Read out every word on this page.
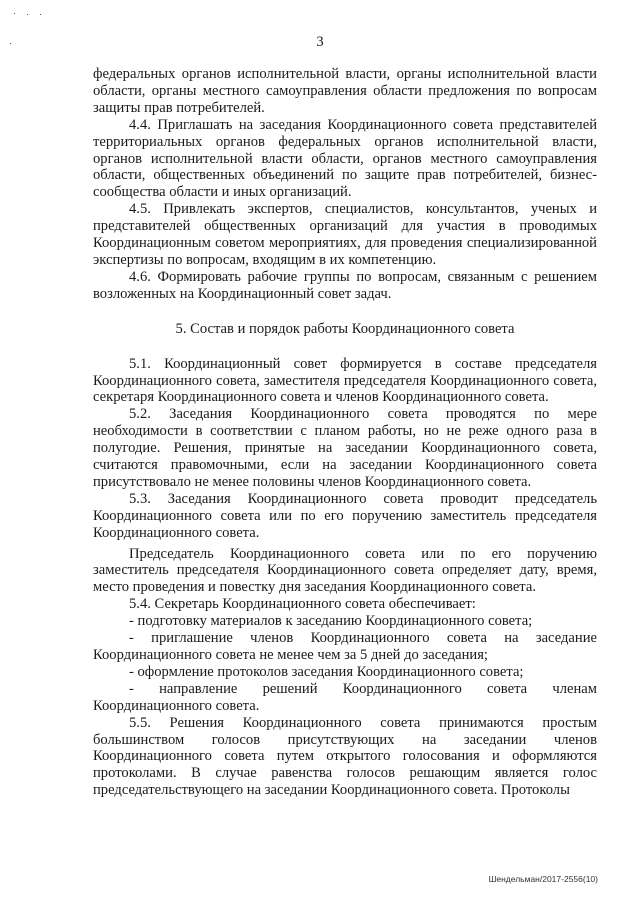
3

федеральных органов исполнительной власти, органы исполнительной власти области, органы местного самоуправления области предложения по вопросам защиты прав потребителей.

4.4. Приглашать на заседания Координационного совета представителей территориальных органов федеральных органов исполнительной власти, органов исполнительной власти области, органов местного самоуправления области, общественных объединений по защите прав потребителей, бизнес-сообщества области и иных организаций.

4.5. Привлекать экспертов, специалистов, консультантов, ученых и представителей общественных организаций для участия в проводимых Координационным советом мероприятиях, для проведения специализированной экспертизы по вопросам, входящим в их компетенцию.

4.6. Формировать рабочие группы по вопросам, связанным с решением возложенных на Координационный совет задач.

5. Состав и порядок работы Координационного совета

5.1. Координационный совет формируется в составе председателя Координационного совета, заместителя председателя Координационного совета, секретаря Координационного совета и членов Координационного совета.

5.2. Заседания Координационного совета проводятся по мере необходимости в соответствии с планом работы, но не реже одного раза в полугодие. Решения, принятые на заседании Координационного совета, считаются правомочными, если на заседании Координационного совета присутствовало не менее половины членов Координационного совета.

5.3. Заседания Координационного совета проводит председатель Координационного совета или по его поручению заместитель председателя Координационного совета.

Председатель Координационного совета или по его поручению заместитель председателя Координационного совета определяет дату, время, место проведения и повестку дня заседания Координационного совета.

5.4. Секретарь Координационного совета обеспечивает:

- подготовку материалов к заседанию Координационного совета;

- приглашение членов Координационного совета на заседание Координационного совета не менее чем за 5 дней до заседания;

- оформление протоколов заседания Координационного совета;

- направление решений Координационного совета членам Координационного совета.

5.5. Решения Координационного совета принимаются простым большинством голосов присутствующих на заседании членов Координационного совета путем открытого голосования и оформляются протоколами. В случае равенства голосов решающим является голос председательствующего на заседании Координационного совета. Протоколы

Шендельман/2017-2556(10)
